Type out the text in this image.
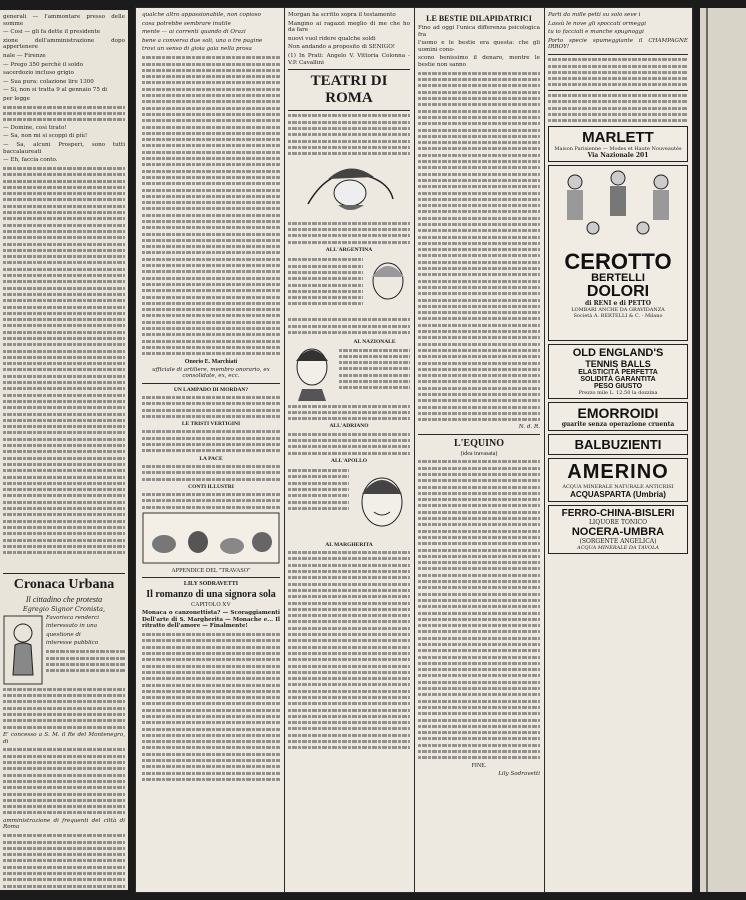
generali — l'ammontare presso delle somme

— Cosi — gli fa dette il presidente

zione dell'amministrazione dopo appertenere

nale — Firenze

— Prego 350 perchè il soldo

sacerdozio incluso grigio

— Sua pura: colazione lire 1300

— Si, non si tratta 9 al gennaio 75 di

per legge

— Domine, così tirato!

— Sa, non mi si scoppi di più!

— Sa, alcuni Prosperi, sono tutti baccalaureati

— Eh, faccia conto.

Cronaca Urbana
Il cittadino che protesta
Egregio Signor Cronista,

Favorisca renderci

interessato in una

questione di

interesse pubblico

E' concesso a S. M. il Re del Montenegro, di

amministrazione di frequenti del città di Roma

qualche altro appassionabile, non copioso

cosa potrebbe sembrare inutile

mente — ai correnti quando di Orazi

bene a conversa due soli, una o tre pagine

trovi un senso di gioia gaia nella prosa

Onorio E. Marchiati
ufficiale di artiliere, membro onorario, ex consolidate, ex, ecc.
UN LAMPADO DI MORDAN?
LE TRISTI VERTIGINI
LA PACE
CONTI ILLUSTRI
APPENDICE DEL "TRAVASO"
LILY SODRAVETTI
Il romanzo di una signora sola
CAPITOLO XV

Monaca o canzonettista? — Scoraggiamenti Dell'arte di S. Margherita — Monache e... Il ritratto dell'amore — Finalmente!

Morgan ha scritto sopra il testamento

Mangino ai ragazzi meglio di me che ho da fare

nuovi vuol ridere qualche soldi

Non andando a proposito di SENIGO!

(1) In Prati: Angelo V. Vittoria Colonna - V.P. Cavallini

TEATRI DI ROMA
ALL'ARGENTINA
AL NAZIONALE
ALL'ADRIANO
ALL'APOLLO
AL MARGHERITA
LE BESTIE DILAPIDATRICI

Fino ad oggi l'unica differenza psicologica fra

l'uomo e le bestie era questa: che gli uomini cono-

scono benissimo il denaro, mentre le bestie non sanno

N. d. R.
L'EQUINO
(idea travasata)
FINE.
Lily Sodravetti

Parti da mille petti su solo seve i

Lassù le nove gli spoccati ormeggi

tu io facciati e manche spugnoggi

Porto specie spumeggiante il CHAMPAGNE IRROY!

MARLETT
Maison Parisienne — Modes et Haute Nouveautés
Via Nazionale 201
CEROTTO
BERTELLI
DOLORI
di RENI e di PETTO
LOMBARI ANCHE DA GRAVIDANZA
Società A. BERTELLI & C. - Milano
OLD ENGLAND'S
TENNIS BALLS
ELASTICITÀ PERFETTA
SOLIDITÀ GARANTITA
PESO GIUSTO
Prezzo mile L. 12.50 la dozzina
EMORROIDI
guarite senza operazione cruenta
BALBUZIENTI
AMERINO
ACQUA MINERALE NATURALE ANTICRISI
ACQUASPARTA (Umbria)
FERRO-CHINA-BISLERI
LIQUORE TONICO
NOCERA-UMBRA
(SORGENTE ANGELICA)
ACQUA MINERALE DA TAVOLA
